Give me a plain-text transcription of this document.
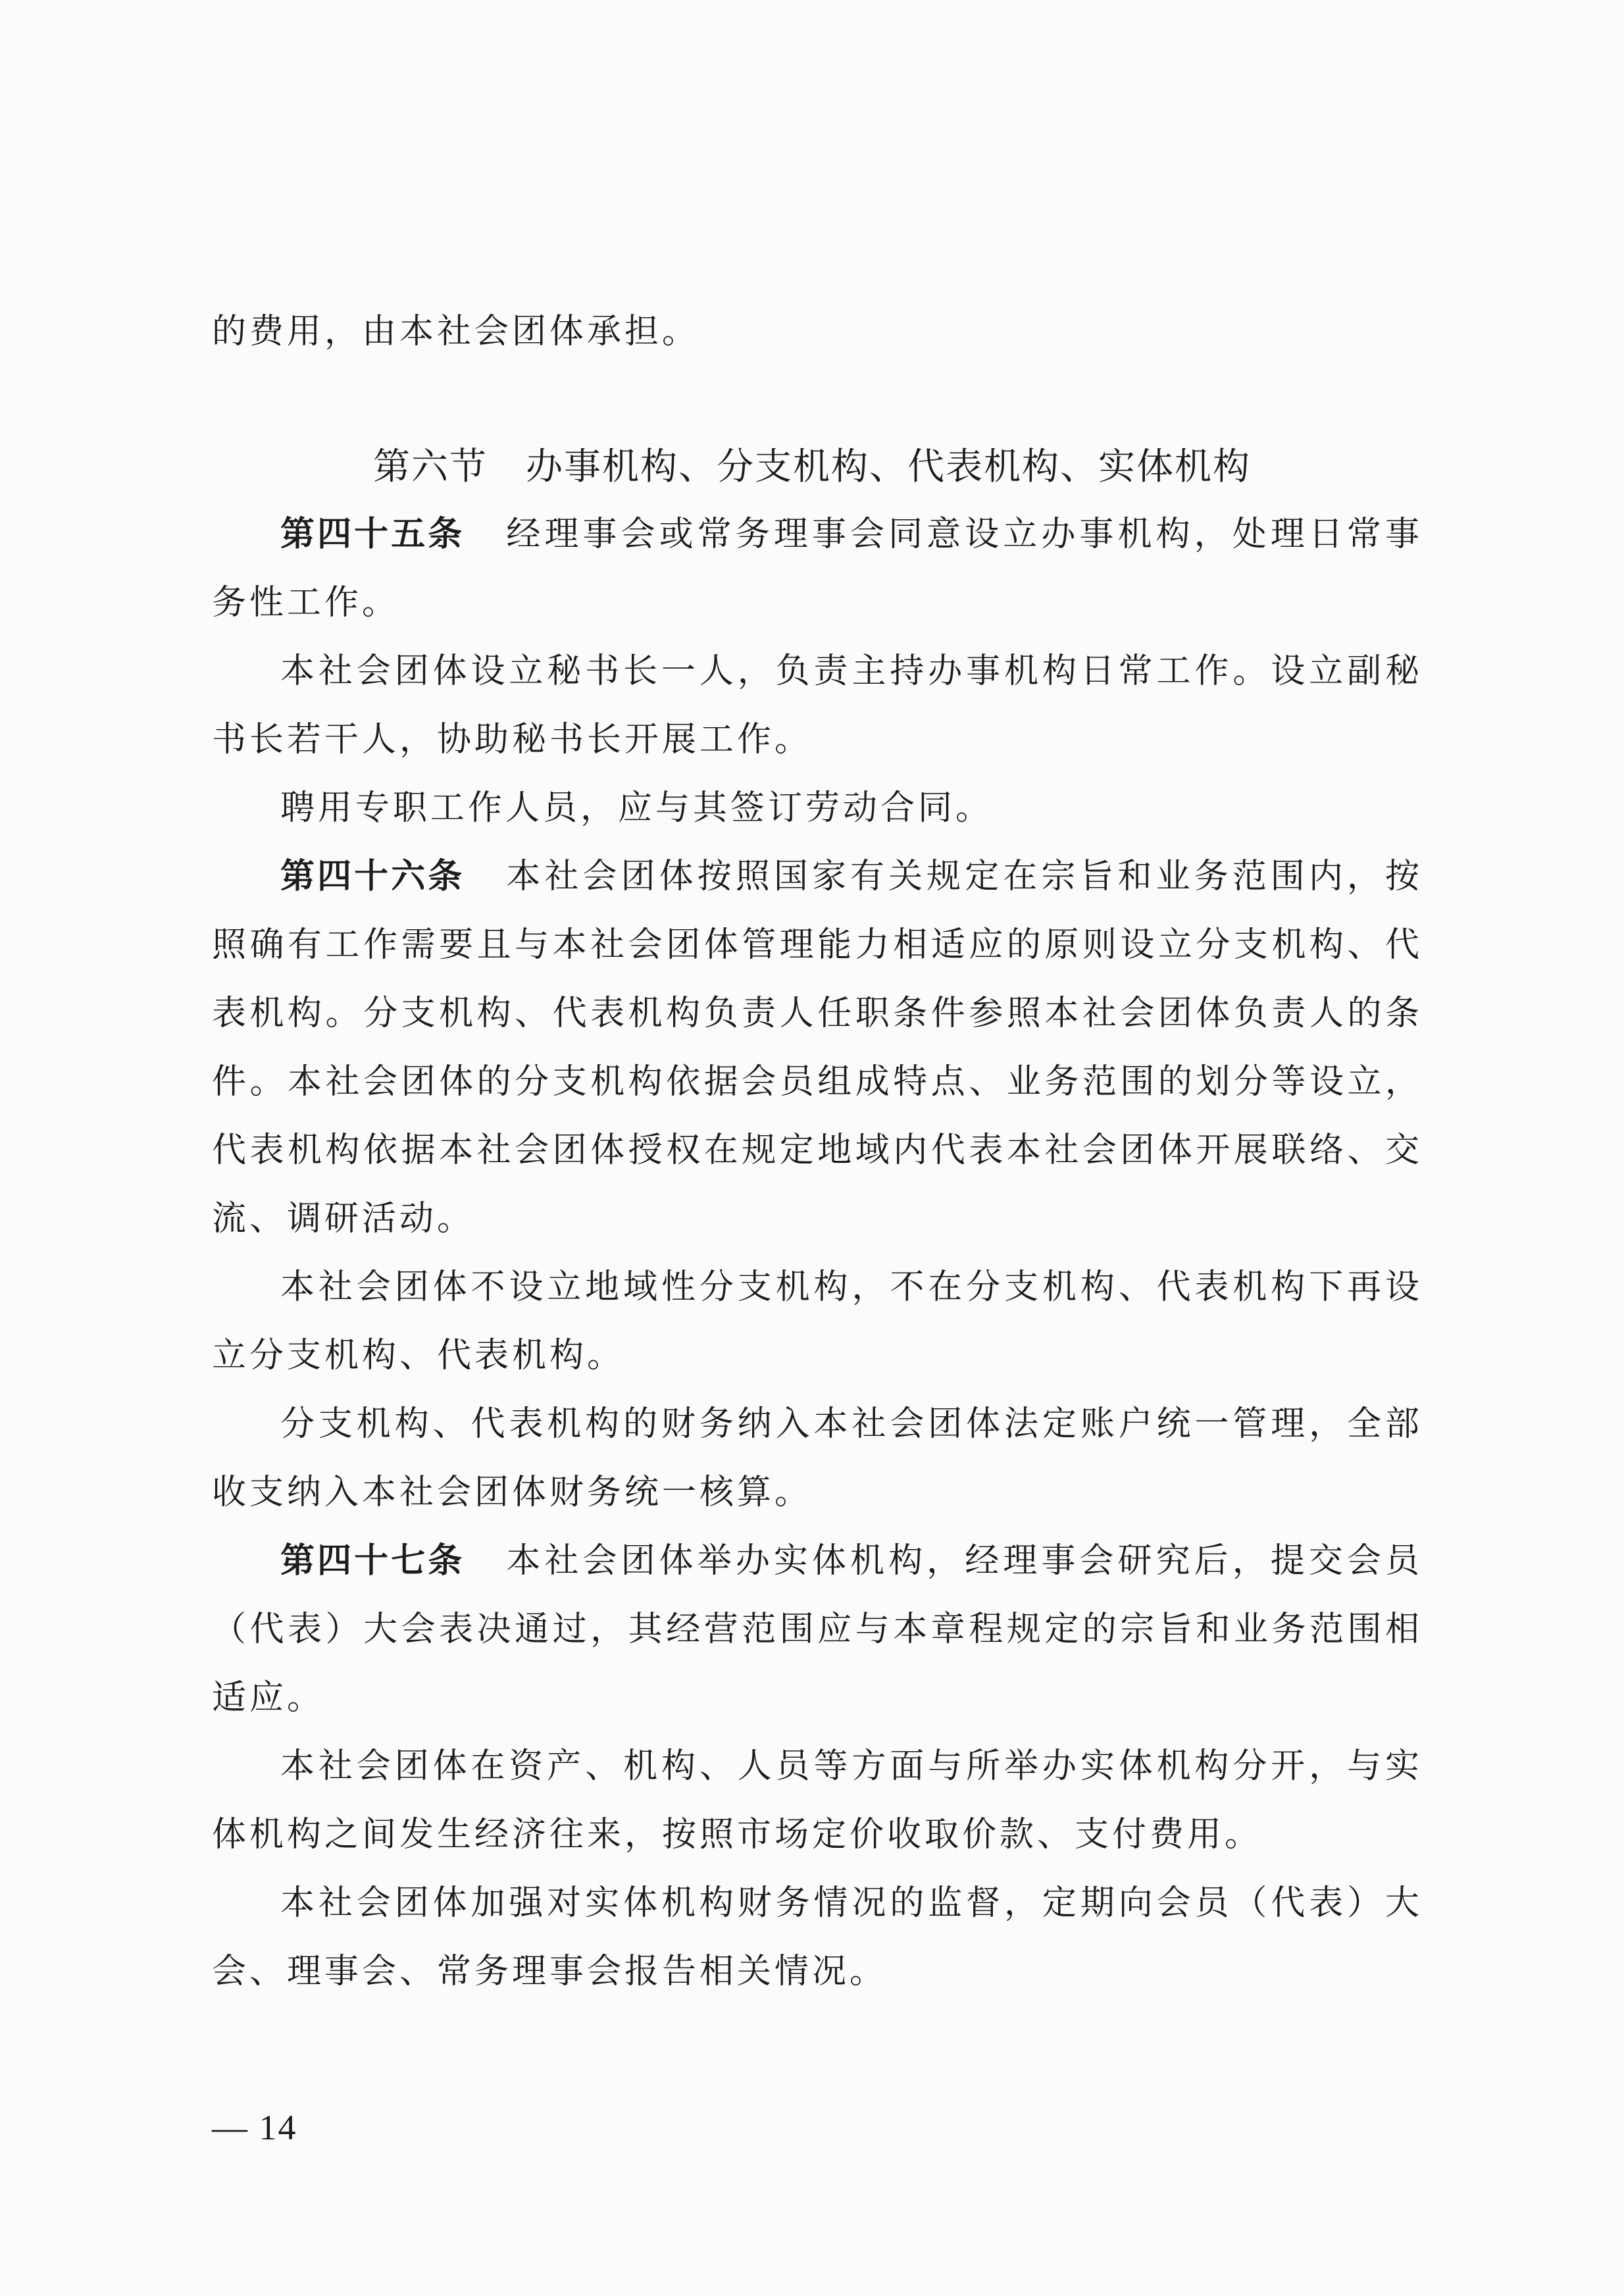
的费用，由本社会团体承担。

第六节 办事机构、分支机构、代表机构、实体机构

第四十五条 经理事会或常务理事会同意设立办事机构，处理日常事务性工作。

本社会团体设立秘书长一人，负责主持办事机构日常工作。设立副秘书长若干人，协助秘书长开展工作。

聘用专职工作人员，应与其签订劳动合同。

第四十六条 本社会团体按照国家有关规定在宗旨和业务范围内，按照确有工作需要且与本社会团体管理能力相适应的原则设立分支机构、代表机构。分支机构、代表机构负责人任职条件参照本社会团体负责人的条件。本社会团体的分支机构依据会员组成特点、业务范围的划分等设立，代表机构依据本社会团体授权在规定地域内代表本社会团体开展联络、交流、调研活动。

本社会团体不设立地域性分支机构，不在分支机构、代表机构下再设立分支机构、代表机构。

分支机构、代表机构的财务纳入本社会团体法定账户统一管理，全部收支纳入本社会团体财务统一核算。

第四十七条 本社会团体举办实体机构，经理事会研究后，提交会员（代表）大会表决通过，其经营范围应与本章程规定的宗旨和业务范围相适应。

本社会团体在资产、机构、人员等方面与所举办实体机构分开，与实体机构之间发生经济往来，按照市场定价收取价款、支付费用。

本社会团体加强对实体机构财务情况的监督，定期向会员（代表）大会、理事会、常务理事会报告相关情况。

— 14
